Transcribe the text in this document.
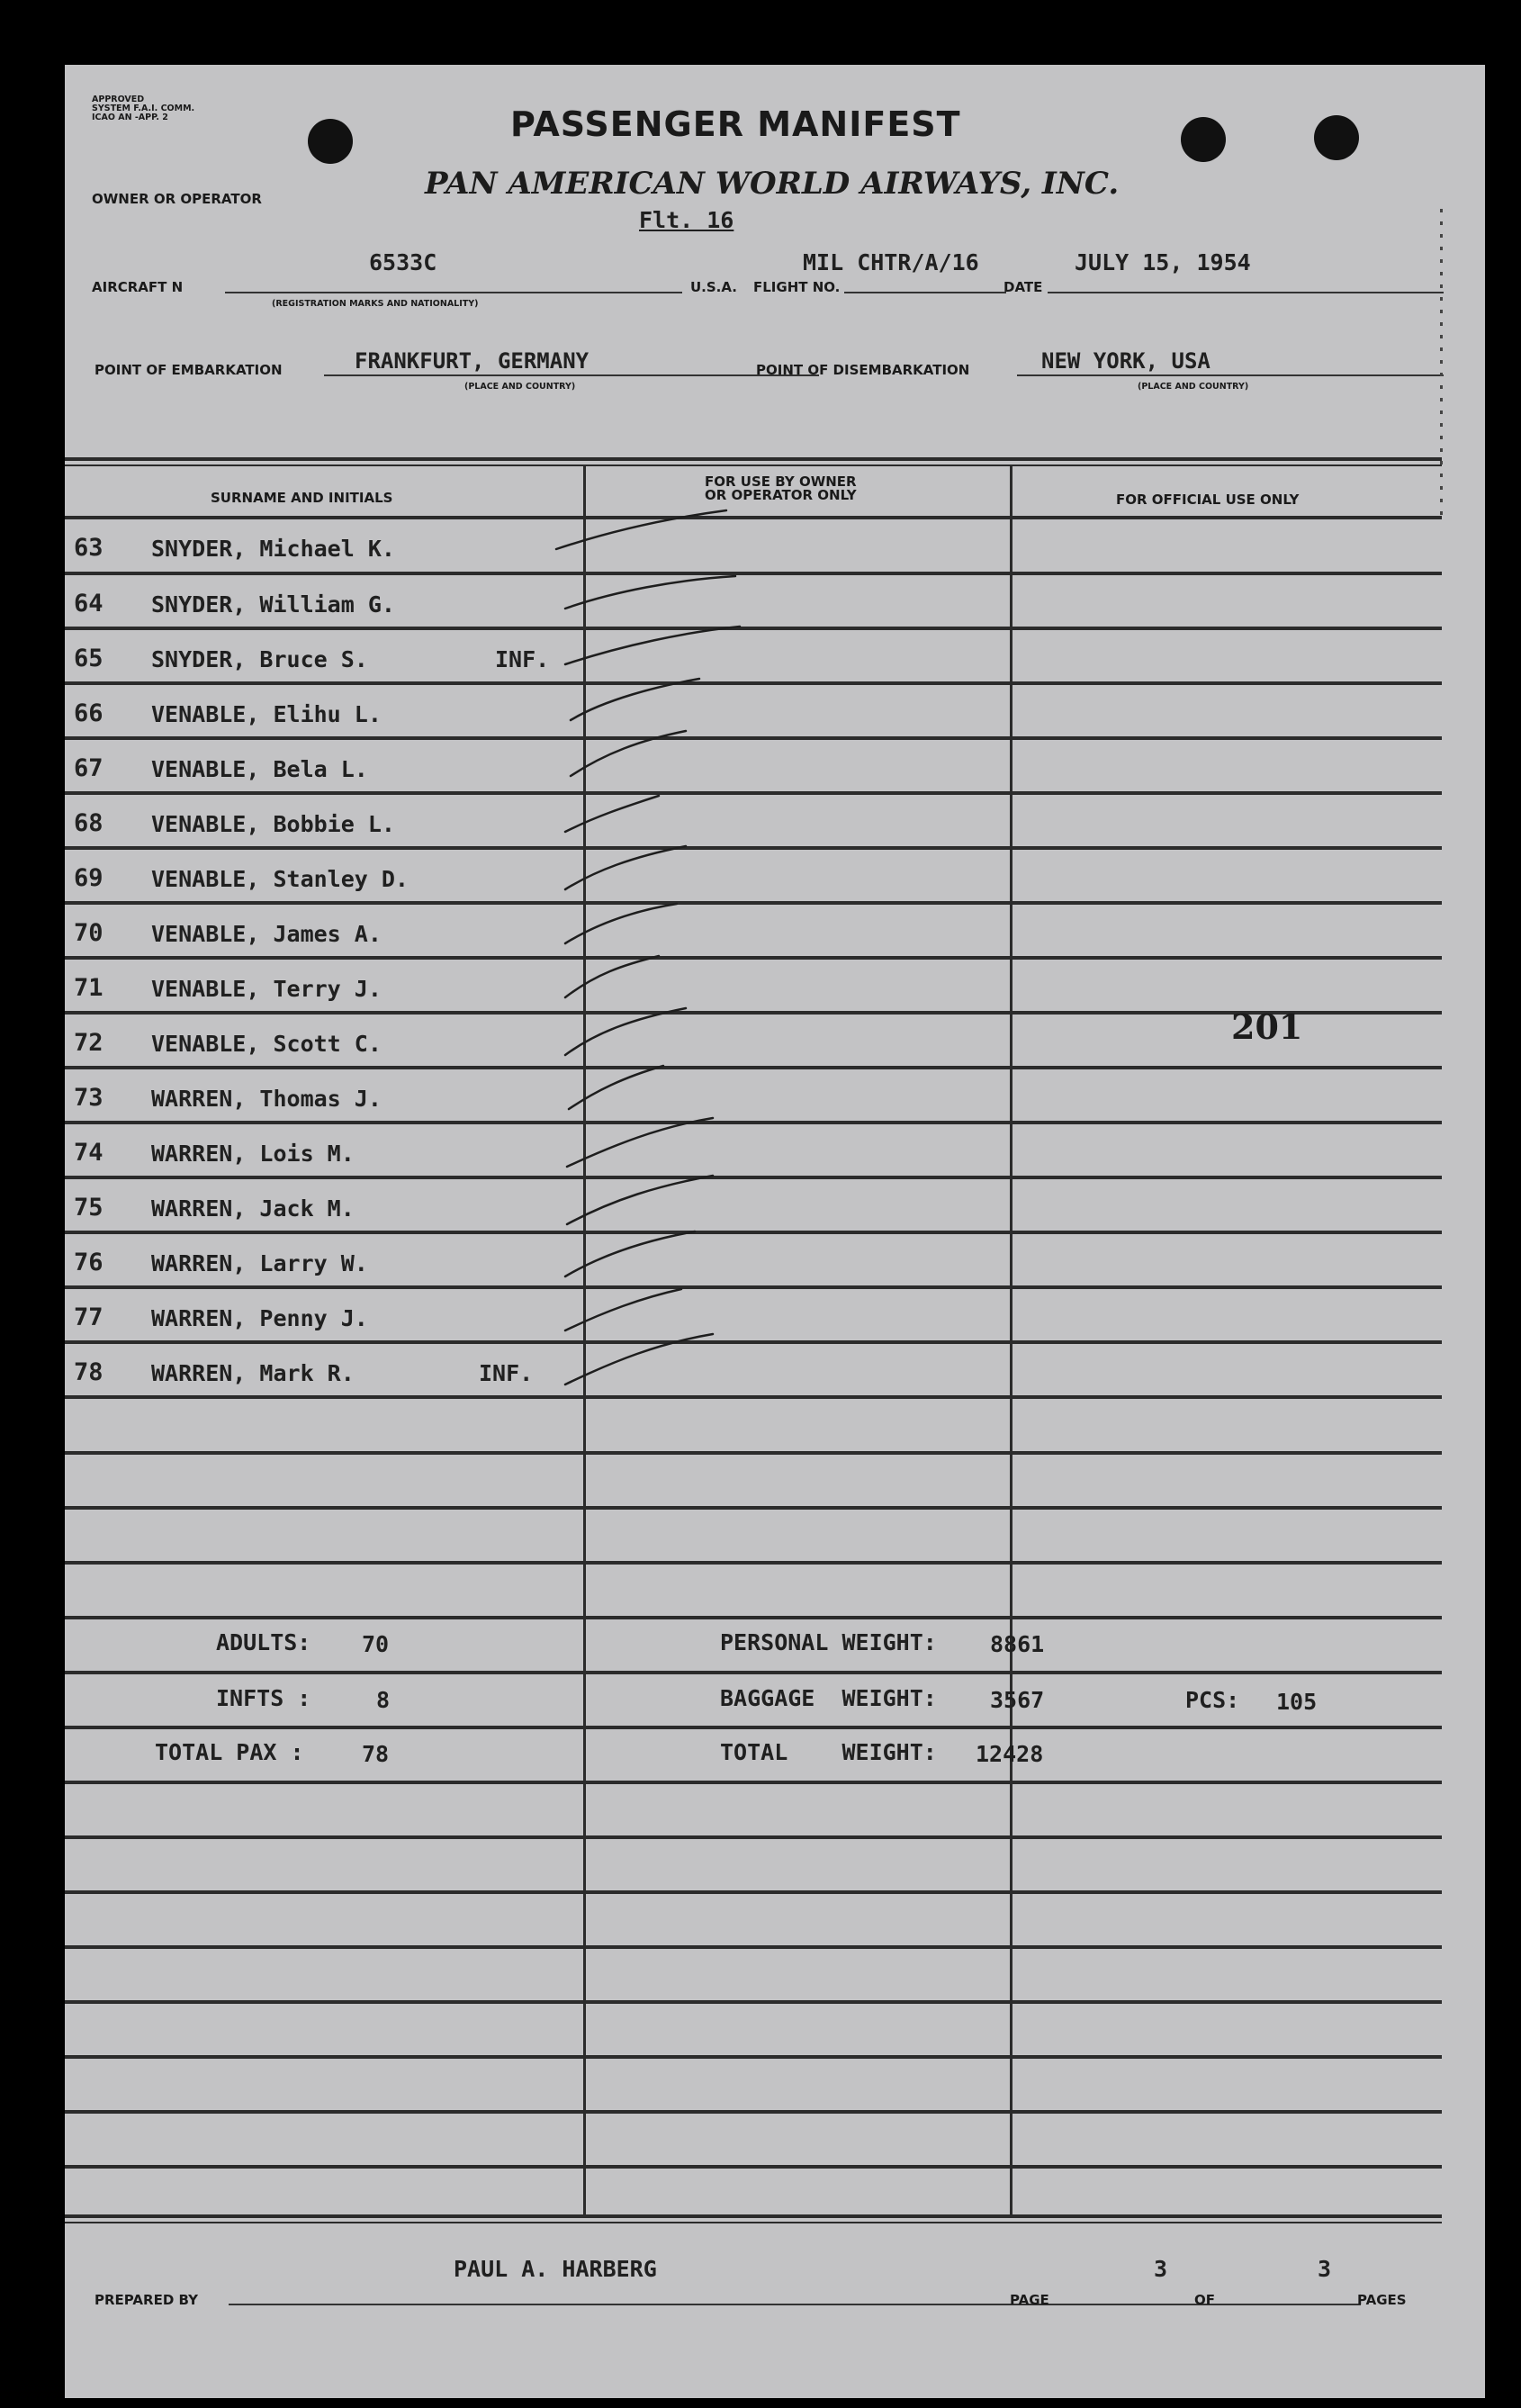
APPROVED
SYSTEM F.A.I. COMM.
ICAO AN -APP. 2	PASSENGER MANIFEST
OWNER OR OPERATOR	PAN AMERICAN WORLD AIRWAYS, INC.
Flt. 16
AIRCRAFT N
6533C
(REGISTRATION MARKS AND NATIONALITY)
U.S.A. FLIGHT NO.
MIL CHTR/A/16
DATE
JULY 15, 1954
POINT OF EMBARKATION	FRANKFURT, GERMANY
(PLACE AND COUNTRY)
POINT OF DISEMBARKATION	NEW YORK, USA
(PLACE AND COUNTRY)
SURNAME AND INITIALS
FOR USE BY OWNER
OR OPERATOR ONLY	FOR OFFICIAL USE ONLY
63 SNYDER, Michael K.
64 SNYDER, William G.
65 SNYDER, Bruce S.	INF.
66 VENABLE, Elihu L.
67 VENABLE, Bela L.
68 VENABLE, Bobbie L.
69 VENABLE, Stanley D.
70 VENABLE, James A.
71 VENABLE, Terry J.
72 VENABLE, Scott C.
73 WARREN, Thomas J.
74 WARREN, Lois M.
75 WARREN, Jack M.
76 WARREN, Larry W.
77 WARREN, Penny J.
78 WARREN, Mark R.	INF.
201
ADULTS: 70
INFTS :	8
TOTAL PAX :	78
PERSONAL WEIGHT: 8861
BAGGAGE  WEIGHT: 3567	PCS: 105
TOTAL    WEIGHT: 12428
PAUL A. HARBERG
PREPARED BY	PAGE
3
OF
3
PAGES
